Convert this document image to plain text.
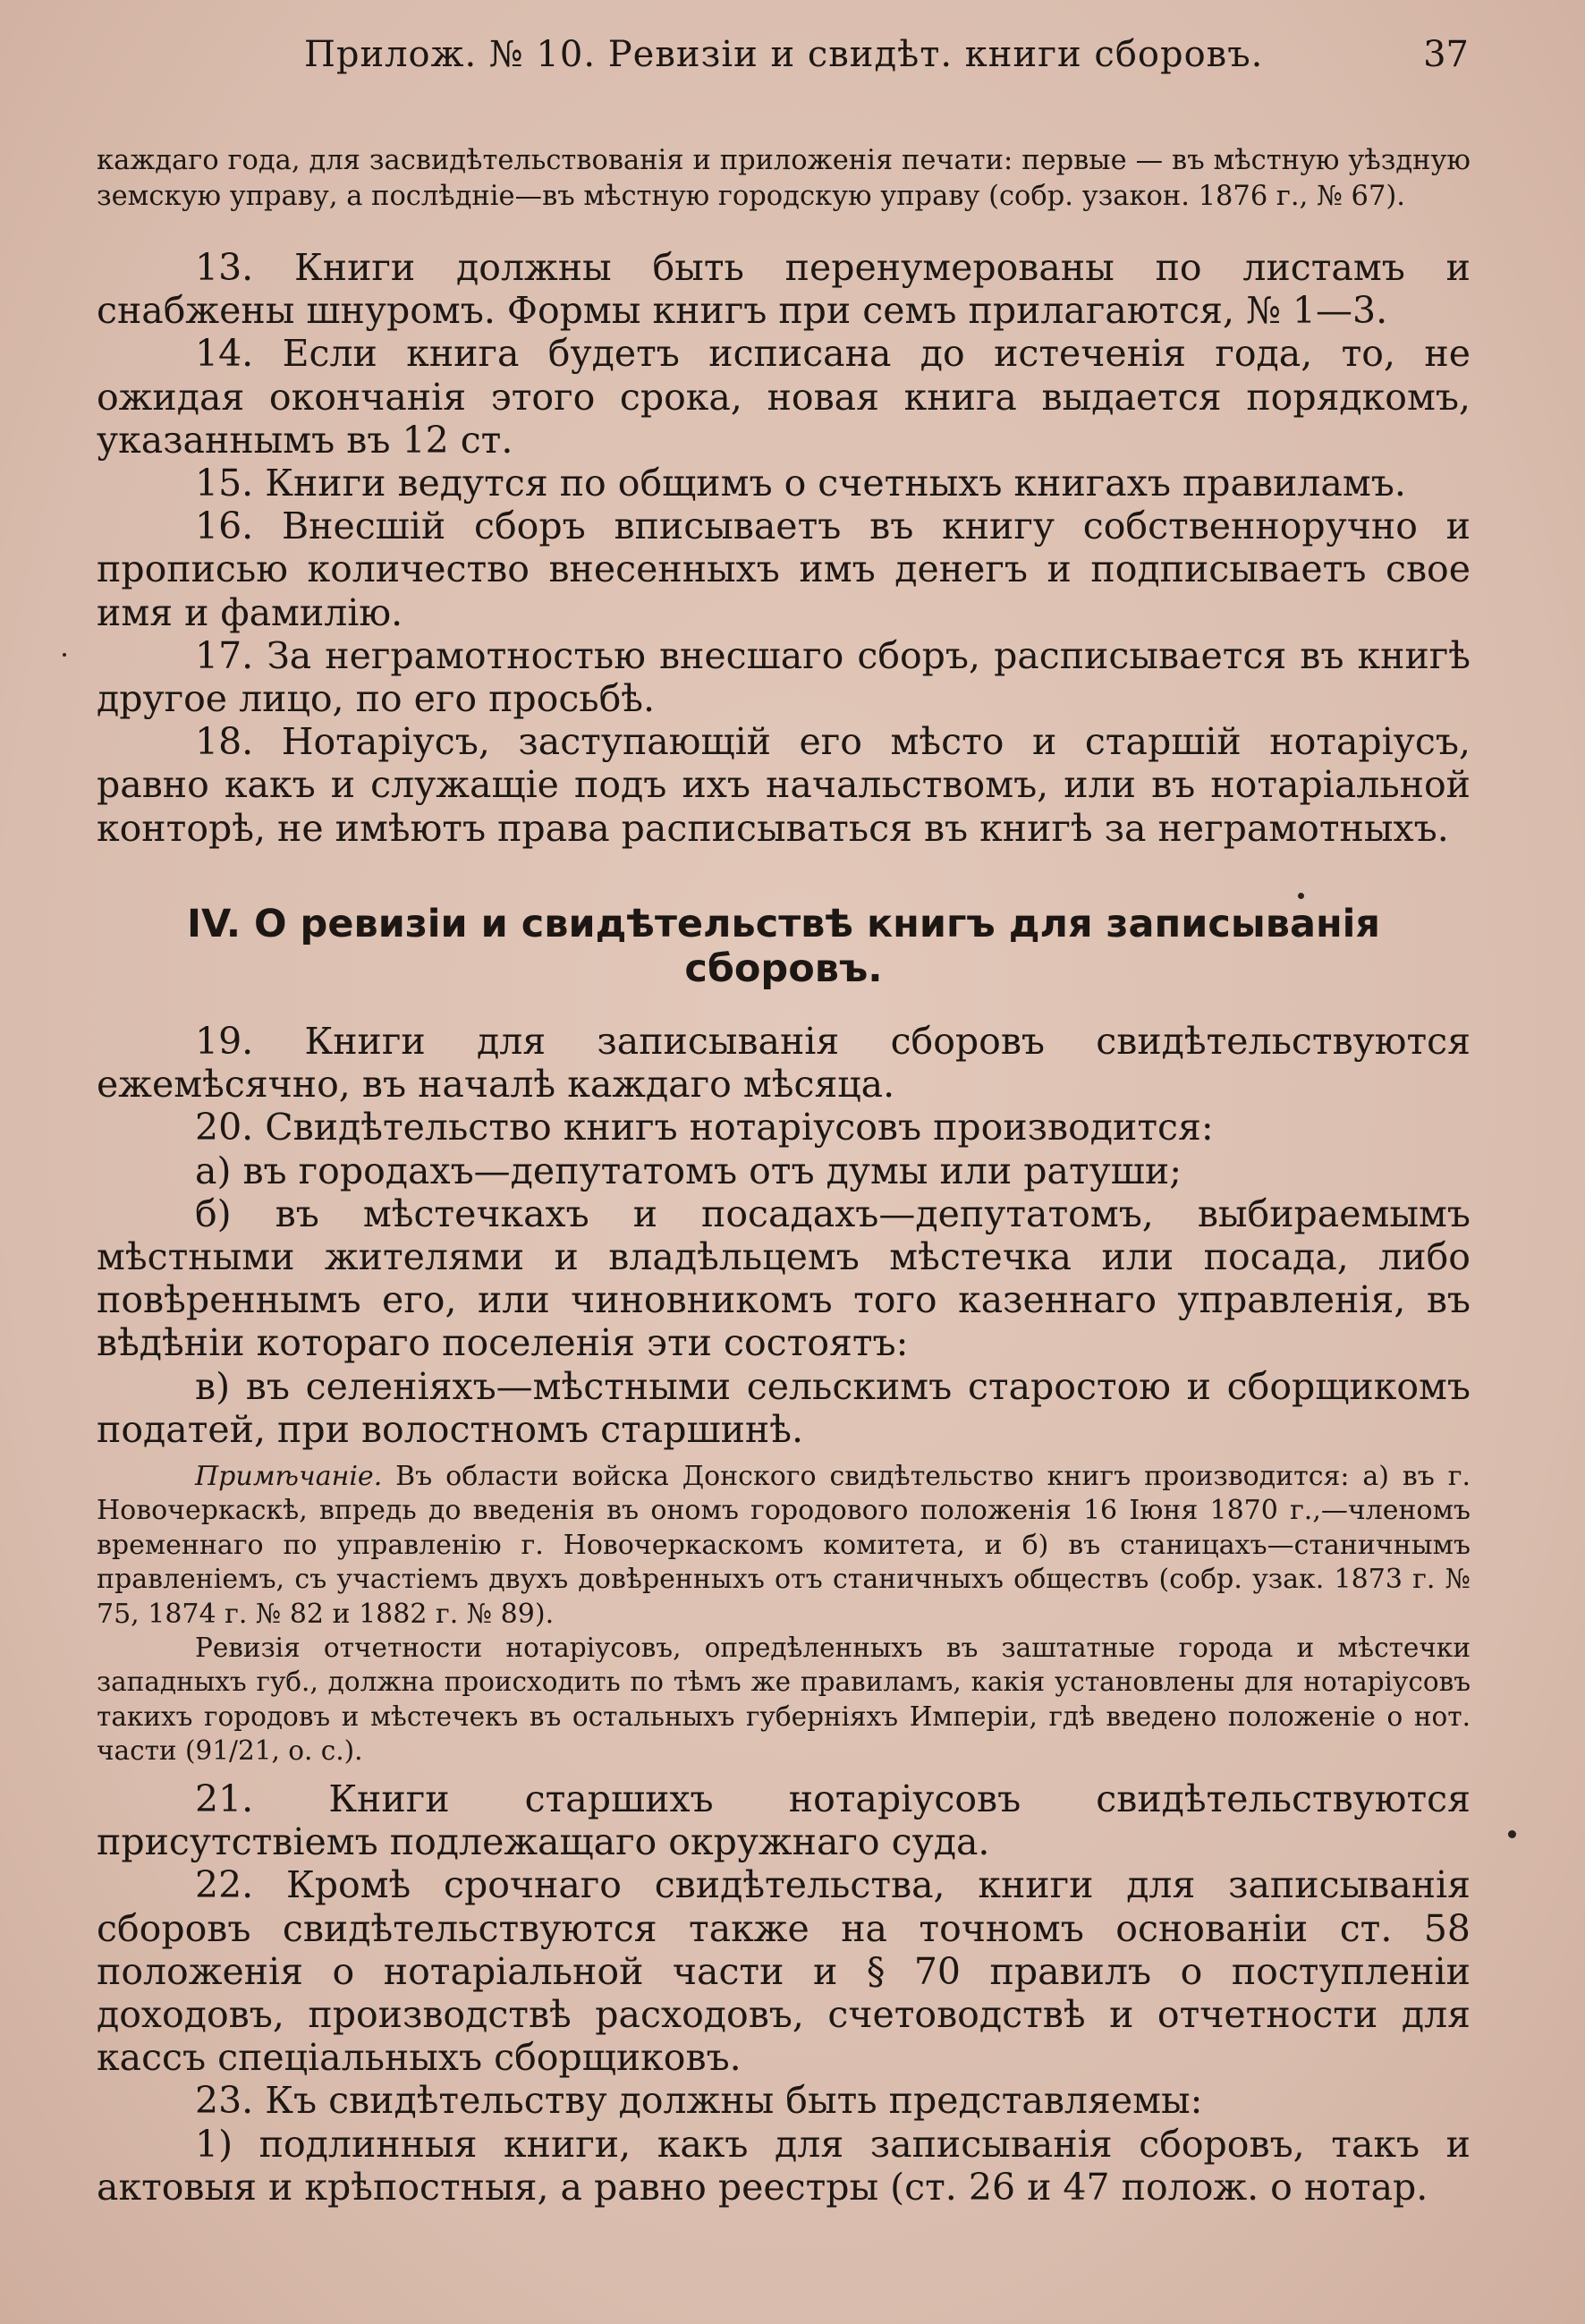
Прилож. № 10. Ревизіи и свидѣт. книги сборовъ.	37
каждаго года, для засвидѣтельствованія и приложенія печати: первые — въ мѣстную уѣздную земскую управу, а послѣдніе—въ мѣстную городскую управу (собр. узакон. 1876 г., № 67).

13. Книги должны быть перенумерованы по листамъ и снабжены шнуромъ. Формы книгъ при семъ прилагаются, № 1—3.

14. Если книга будетъ исписана до истеченія года, то, не ожидая окончанія этого срока, новая книга выдается порядкомъ, указаннымъ въ 12 ст.

15. Книги ведутся по общимъ о счетныхъ книгахъ правиламъ.

16. Внесшій сборъ вписываетъ въ книгу собственноручно и прописью количество внесенныхъ имъ денегъ и подписываетъ свое имя и фамилію.

17. За неграмотностью внесшаго сборъ, расписывается въ книгѣ другое лицо, по его просьбѣ.

18. Нотаріусъ, заступающій его мѣсто и старшій нотаріусъ, равно какъ и служащіе подъ ихъ начальствомъ, или въ нотаріальной конторѣ, не имѣютъ права расписываться въ книгѣ за неграмотныхъ.

IV. О ревизіи и свидѣтельствѣ книгъ для записыванія сборовъ.

19. Книги для записыванія сборовъ свидѣтельствуются ежемѣсячно, въ началѣ каждаго мѣсяца.

20. Свидѣтельство книгъ нотаріусовъ производится:

а) въ городахъ—депутатомъ отъ думы или ратуши;

б) въ мѣстечкахъ и посадахъ—депутатомъ, выбираемымъ мѣстными жителями и владѣльцемъ мѣстечка или посада, либо повѣреннымъ его, или чиновникомъ того казеннаго управленія, въ вѣдѣніи котораго поселенія эти состоятъ:

в) въ селеніяхъ—мѣстными сельскимъ старостою и сборщикомъ податей, при волостномъ старшинѣ.

Примѣчаніе. Въ области войска Донского свидѣтельство книгъ производится: а) въ г. Новочеркаскѣ, впредь до введенія въ ономъ городового положенія 16 Іюня 1870 г.,—членомъ временнаго по управленію г. Новочеркаскомъ комитета, и б) въ станицахъ—станичнымъ правленіемъ, съ участіемъ двухъ довѣренныхъ отъ станичныхъ обществъ (собр. узак. 1873 г. № 75, 1874 г. № 82 и 1882 г. № 89).

Ревизія отчетности нотаріусовъ, опредѣленныхъ въ заштатные города и мѣстечки западныхъ губ., должна происходить по тѣмъ же правиламъ, какія установлены для нотаріусовъ такихъ городовъ и мѣстечекъ въ остальныхъ губерніяхъ Имперіи, гдѣ введено положеніе о нот. части (91/21, о. с.).

21. Книги старшихъ нотаріусовъ свидѣтельствуются присутствіемъ подлежащаго окружнаго суда.

22. Кромѣ срочнаго свидѣтельства, книги для записыванія сборовъ свидѣтельствуются также на точномъ основаніи ст. 58 положенія о нотаріальной части и § 70 правилъ о поступленіи доходовъ, производствѣ расходовъ, счетоводствѣ и отчетности для кассъ спеціальныхъ сборщиковъ.

23. Къ свидѣтельству должны быть представляемы:

1) подлинныя книги, какъ для записыванія сборовъ, такъ и актовыя и крѣпостныя, а равно реестры (ст. 26 и 47 полож. о нотар.
